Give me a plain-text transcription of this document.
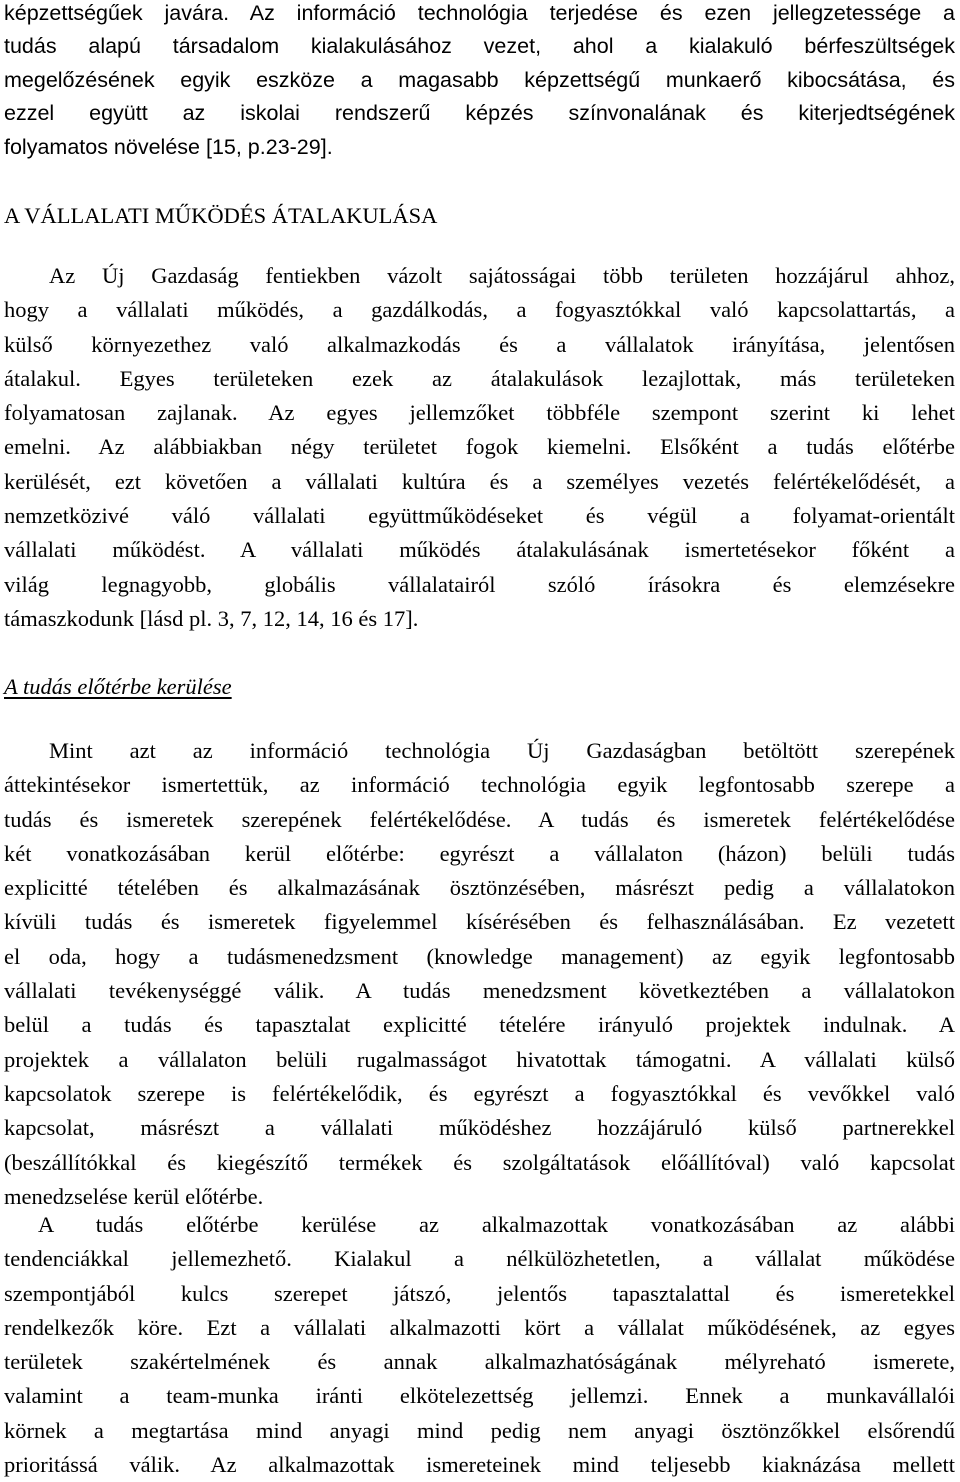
képzettségűek javára. Az információ technológia terjedése és ezen jellegzetessége a
tudás alapú társadalom kialakulásához vezet, ahol a kialakuló bérfeszültségek
megelőzésének egyik eszköze a magasabb képzettségű munkaerő kibocsátása, és
ezzel együtt az iskolai rendszerű képzés színvonalának és kiterjedtségének
folyamatos növelése [15, p.23-29].
A VÁLLALATI MŰKÖDÉS ÁTALAKULÁSA
Az Új Gazdaság fentiekben vázolt sajátosságai több területen hozzájárul ahhoz,
hogy a vállalati működés, a gazdálkodás, a fogyasztókkal való kapcsolattartás, a
külső környezethez való alkalmazkodás és a vállalatok irányítása, jelentősen
átalakul. Egyes területeken ezek az átalakulások lezajlottak, más területeken
folyamatosan zajlanak. Az egyes jellemzőket többféle szempont szerint ki lehet
emelni. Az alábbiakban négy területet fogok kiemelni. Elsőként a tudás előtérbe
kerülését, ezt követően a vállalati kultúra és a személyes vezetés felértékelődését, a
nemzetközivé váló vállalati együttműködéseket és végül a folyamat-orientált
vállalati működést. A vállalati működés átalakulásának ismertetésekor főként a
világ legnagyobb, globális vállalatairól szóló írásokra és elemzésekre
támaszkodunk [lásd pl. 3, 7, 12, 14, 16 és 17].
A tudás előtérbe kerülése
Mint azt az információ technológia Új Gazdaságban betöltött szerepének
áttekintésekor ismertettük, az információ technológia egyik legfontosabb szerepe a
tudás és ismeretek szerepének felértékelődése. A tudás és ismeretek felértékelődése
két vonatkozásában kerül előtérbe: egyrészt a vállalaton (házon) belüli tudás
explicitté tételében és alkalmazásának ösztönzésében, másrészt pedig a vállalatokon
kívüli tudás és ismeretek figyelemmel kísérésében és felhasználásában. Ez vezetett
el oda, hogy a tudásmenedzsment (knowledge management) az egyik legfontosabb
vállalati tevékenységgé válik. A tudás menedzsment következtében a vállalatokon
belül a tudás és tapasztalat explicitté tételére irányuló projektek indulnak. A
projektek a vállalaton belüli rugalmasságot hivatottak támogatni. A vállalati külső
kapcsolatok szerepe is felértékelődik, és egyrészt a fogyasztókkal és vevőkkel való
kapcsolat, másrészt a vállalati működéshez hozzájáruló külső partnerekkel
(beszállítókkal és kiegészítő termékek és szolgáltatások előállítóval) való kapcsolat
menedzselése kerül előtérbe.
A tudás előtérbe kerülése az alkalmazottak vonatkozásában az alábbi
tendenciákkal jellemezhető. Kialakul a nélkülözhetetlen, a vállalat működése
szempontjából kulcs szerepet játszó, jelentős tapasztalattal és ismeretekkel
rendelkezők köre. Ezt a vállalati alkalmazotti kört a vállalat működésének, az egyes
területek szakértelmének és annak alkalmazhatóságának mélyreható ismerete,
valamint a team-munka iránti elkötelezettség jellemzi. Ennek a munkavállalói
körnek a megtartása mind anyagi mind pedig nem anyagi ösztönzőkkel elsőrendű
prioritássá válik. Az alkalmazottak ismereteinek mind teljesebb kiaknázása mellett
